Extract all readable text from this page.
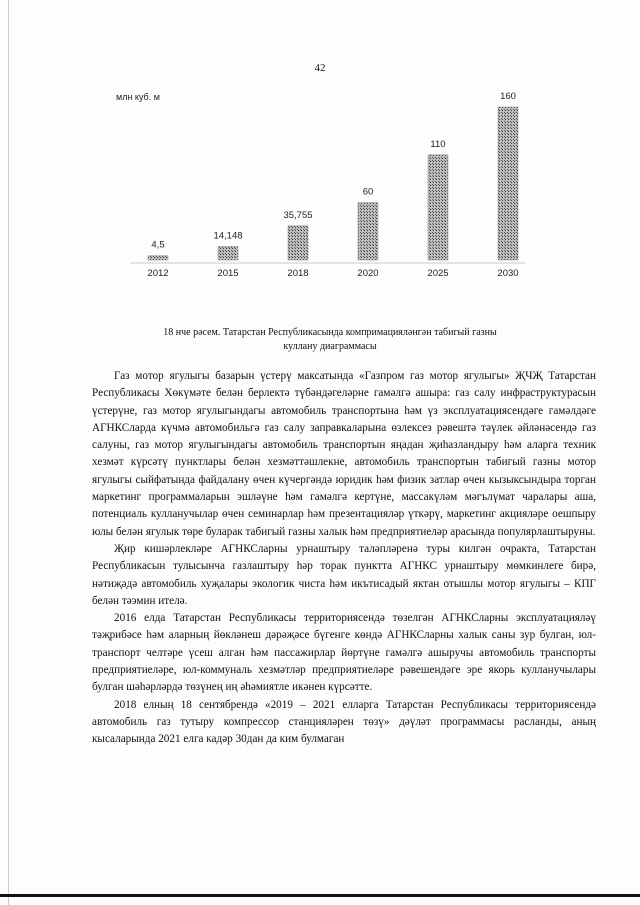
42
млн куб. м
4,5
2012
14,148
2015
35,755
2018
60
2020
110
2025
160
2030
18 нче рәсем. Татарстан Республикасында компримацияләнгән табигый газны
куллану диаграммасы

Газ мотор ягулыгы базарын үстерү максатында «Газпром газ мотор ягулыгы» ҖЧҖ Татарстан Республикасы Хөкүмәте белән берлектә түбәндәгеләрне гамәлгә ашыра: газ салу инфраструктурасын үстерүне, газ мотор ягулыгындагы автомобиль транспортына һәм үз эксплуатациясендәге гамәлдәге АГНКСларда күчмә автомобильгә газ салу заправкаларына өзлексез рәвештә тәүлек әйләнәсендә газ салуны, газ мотор ягулыгындагы автомобиль транспортын яңадан җиһазландыру һәм аларга техник хезмәт күрсәтү пунктлары белән хезмәттәшлекне, автомобиль транспортын табигый газны мотор ягулыгы сыйфатында файдалану өчен күчергәндә юридик һәм физик затлар өчен кызыксындыра торган маркетинг программаларын эшләүне һәм гамәлгә кертүне, массакүләм мәгълүмат чаралары аша, потенциаль кулланучылар өчен семинарлар һәм презентацияләр үткәрү, маркетинг акцияләре оешпыру юлы белән ягулык төре буларак табигый газны халык һәм предприятиеләр арасында популярлаштыруны.

Җир кишәрлекләре АГНКСларны урнаштыру таләпләренә туры килгән очракта, Татарстан Республикасын тулысынча газлаштыру һәр торак пунктта АГНКС урнаштыру мөмкинлеге бирә, нәтиҗәдә автомобиль хуҗалары экологик чиста һәм икътисадый яктан отышлы мотор ягулыгы – КПГ белән тәэмин ителә.

2016 елда Татарстан Республикасы территориясендә төзелгән АГНКСларны эксплуатацияләү тәҗрибәсе һәм аларның йөкләнеш дәрәҗәсе бүгенге көндә АГНКСларны халык саны зур булган, юл-транспорт челтәре үсеш алган һәм пассажирлар йөртүне гамәлгә ашыручы автомобиль транспорты предприятиеләре, юл-коммуналь хезмәтләр предприятиеләре рәвешендәге эре якорь кулланучылары булган шәһәрләрдә төзүнең иң әһәмиятле икәнен күрсәтте.

2018 елның 18 сентябрендә «2019 – 2021 елларга Татарстан Республикасы территориясендә автомобиль газ тутыру компрессор станцияләрен төзү» дәүләт программасы расланды, аның кысаларында 2021 елга кадәр 30дан да ким булмаган
